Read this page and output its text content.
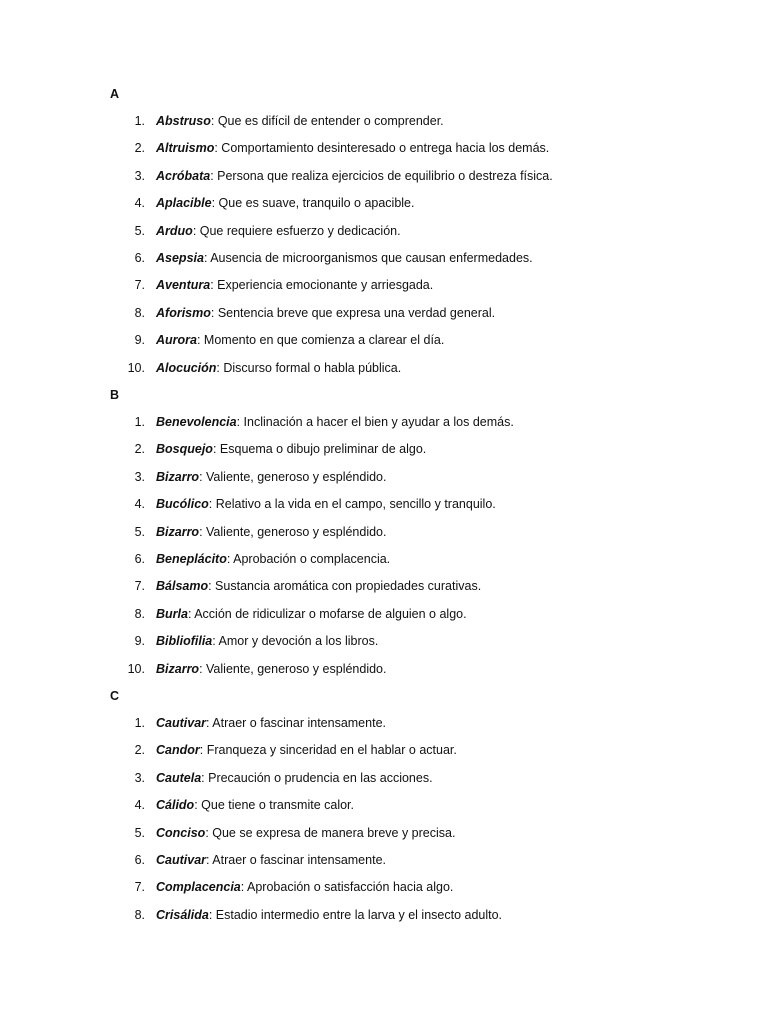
A
1. Abstruso: Que es difícil de entender o comprender.
2. Altruismo: Comportamiento desinteresado o entrega hacia los demás.
3. Acróbata: Persona que realiza ejercicios de equilibrio o destreza física.
4. Aplacible: Que es suave, tranquilo o apacible.
5. Arduo: Que requiere esfuerzo y dedicación.
6. Asepsia: Ausencia de microorganismos que causan enfermedades.
7. Aventura: Experiencia emocionante y arriesgada.
8. Aforismo: Sentencia breve que expresa una verdad general.
9. Aurora: Momento en que comienza a clarear el día.
10. Alocución: Discurso formal o habla pública.
B
1. Benevolencia: Inclinación a hacer el bien y ayudar a los demás.
2. Bosquejo: Esquema o dibujo preliminar de algo.
3. Bizarro: Valiente, generoso y espléndido.
4. Bucólico: Relativo a la vida en el campo, sencillo y tranquilo.
5. Bizarro: Valiente, generoso y espléndido.
6. Beneplácito: Aprobación o complacencia.
7. Bálsamo: Sustancia aromática con propiedades curativas.
8. Burla: Acción de ridiculizar o mofarse de alguien o algo.
9. Bibliofilia: Amor y devoción a los libros.
10. Bizarro: Valiente, generoso y espléndido.
C
1. Cautivar: Atraer o fascinar intensamente.
2. Candor: Franqueza y sinceridad en el hablar o actuar.
3. Cautela: Precaución o prudencia en las acciones.
4. Cálido: Que tiene o transmite calor.
5. Conciso: Que se expresa de manera breve y precisa.
6. Cautivar: Atraer o fascinar intensamente.
7. Complacencia: Aprobación o satisfacción hacia algo.
8. Crisálida: Estadio intermedio entre la larva y el insecto adulto.
